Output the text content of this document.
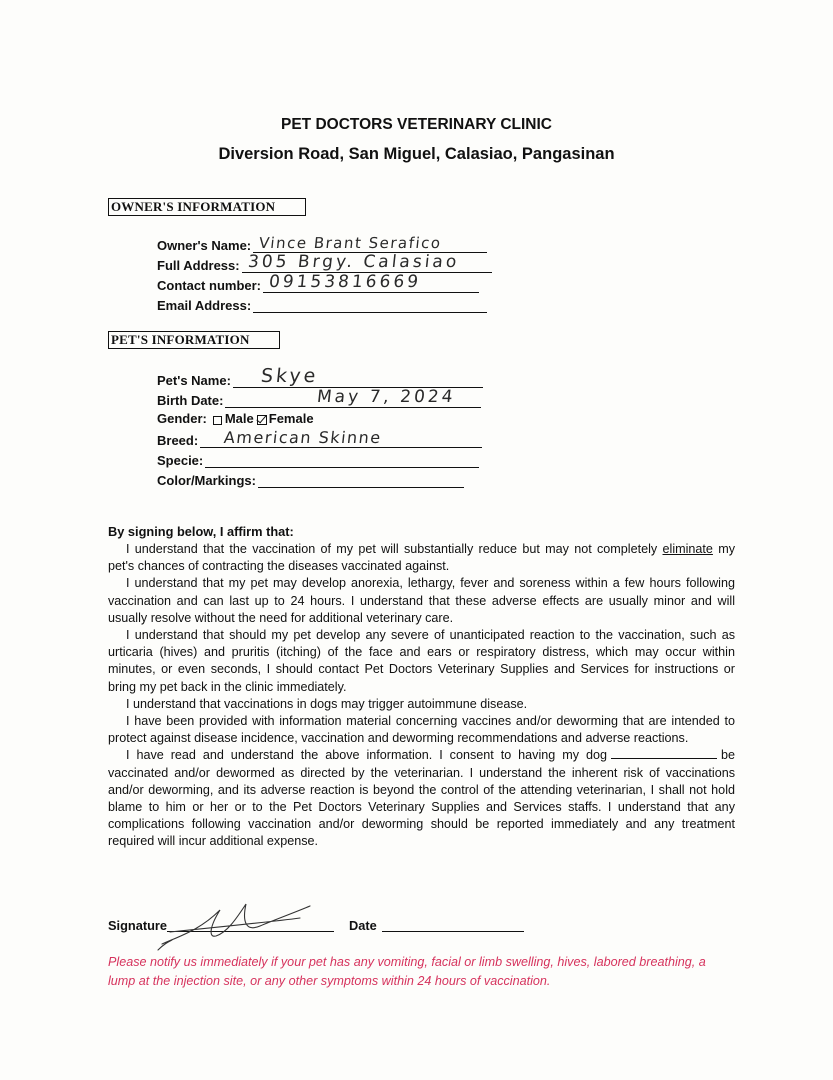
PET DOCTORS VETERINARY CLINIC
Diversion Road, San Miguel, Calasiao, Pangasinan
OWNER'S INFORMATION
Owner's Name: Vince Brant Serafico
Full Address: 305 Brgy. Calasiao
Contact number: 09153816669
Email Address:
PET'S INFORMATION
Pet's Name: Skye
Birth Date:	May 7, 2024
Gender: Male Female
Breed: American Skinne
Specie:
Color/Markings:
By signing below, I affirm that:

I understand that the vaccination of my pet will substantially reduce but may not completely eliminate my pet's chances of contracting the diseases vaccinated against.

I understand that my pet may develop anorexia, lethargy, fever and soreness within a few hours following vaccination and can last up to 24 hours. I understand that these adverse effects are usually minor and will usually resolve without the need for additional veterinary care.

I understand that should my pet develop any severe of unanticipated reaction to the vaccination, such as urticaria (hives) and pruritis (itching) of the face and ears or respiratory distress, which may occur within minutes, or even seconds, I should contact Pet Doctors Veterinary Supplies and Services for instructions or bring my pet back in the clinic immediately.

I understand that vaccinations in dogs may trigger autoimmune disease.

I have been provided with information material concerning vaccines and/or deworming that are intended to protect against disease incidence, vaccination and deworming recommendations and adverse reactions.

I have read and understand the above information. I consent to having my dog	be vaccinated and/or dewormed as directed by the veterinarian. I understand the inherent risk of vaccinations and/or deworming, and its adverse reaction is beyond the control of the attending veterinarian, I shall not hold blame to him or her or to the Pet Doctors Veterinary Supplies and Services staffs. I understand that any complications following vaccination and/or deworming should be reported immediately and any treatment required will incur additional expense.

Signature	Date
Please notify us immediately if your pet has any vomiting, facial or limb swelling, hives, labored breathing, a lump at the injection site, or any other symptoms within 24 hours of vaccination.
